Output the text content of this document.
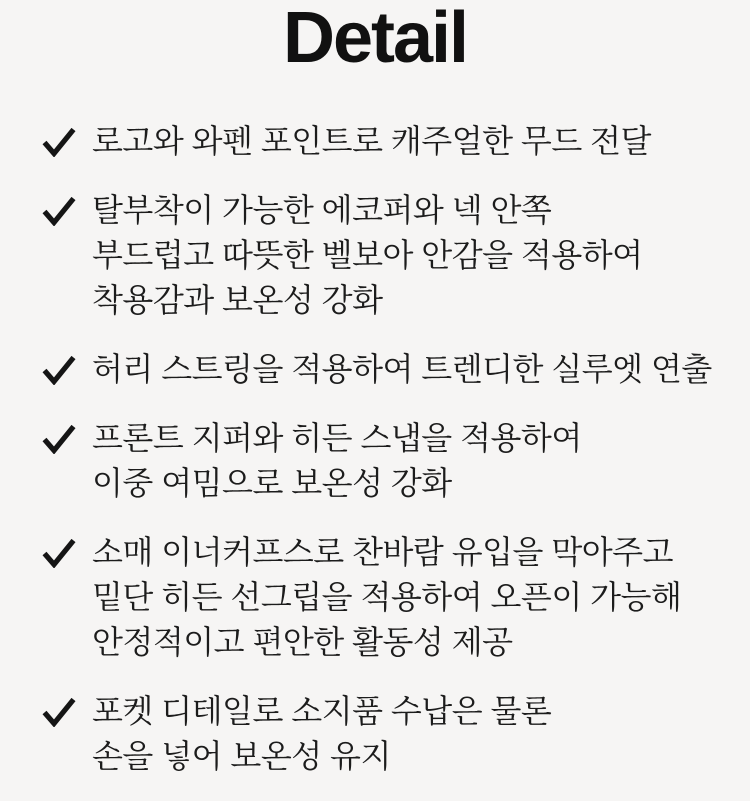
Detail
로고와 와펜 포인트로 캐주얼한 무드 전달
탈부착이 가능한 에코퍼와 넥 안쪽
부드럽고 따뜻한 벨보아 안감을 적용하여
착용감과 보온성 강화
허리 스트링을 적용하여 트렌디한 실루엣 연출
프론트 지퍼와 히든 스냅을 적용하여
이중 여밈으로 보온성 강화
소매 이너커프스로 찬바람 유입을 막아주고
밑단 히든 선그립을 적용하여 오픈이 가능해
안정적이고 편안한 활동성 제공
포켓 디테일로 소지품 수납은 물론
손을 넣어 보온성 유지
